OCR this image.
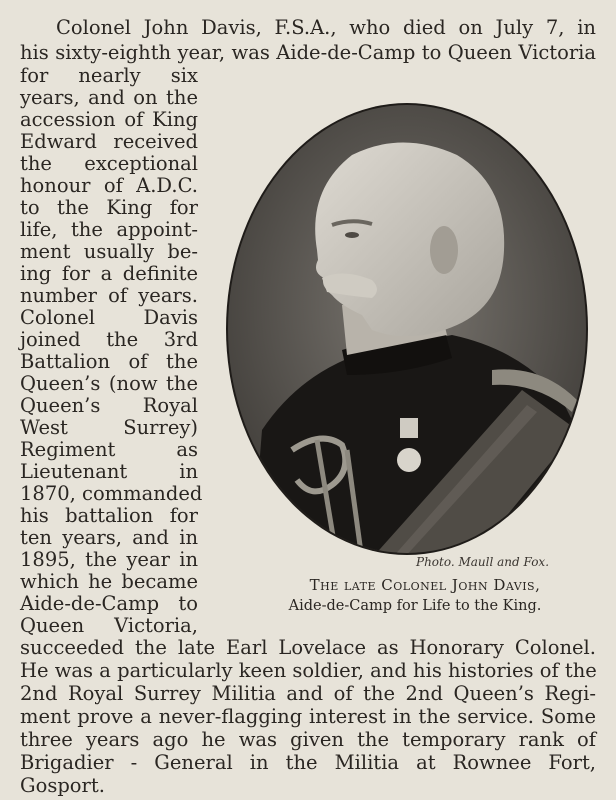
Colonel John Davis, F.S.A., who died on July 7, in
his sixty-eighth year, was Aide-de-Camp to Queen Victoria
for nearly six
years, and on the
accession of King
Edward received
the exceptional
honour of A.D.C.
to the King for
life, the appoint-
ment usually be-
ing for a definite
number of years.
Colonel Davis
joined the 3rd
Battalion of the
Queen’s (now the
Queen’s Royal
West Surrey)
Regiment as
Lieutenant in
1870, commanded
his battalion for
ten years, and in
1895, the year in
which he became
Aide-de-Camp to
Queen Victoria,
succeeded the late Earl Lovelace as Honorary Colonel.
He was a particularly keen soldier, and his histories of the
2nd Royal Surrey Militia and of the 2nd Queen’s Regi-
ment prove a never-flagging interest in the service. Some
three years ago he was given the temporary rank of
Brigadier - General in the Militia at Rownee Fort,
Gosport.
Photo. Maull and Fox.
The late Colonel John Davis,
Aide-de-Camp for Life to the King.
